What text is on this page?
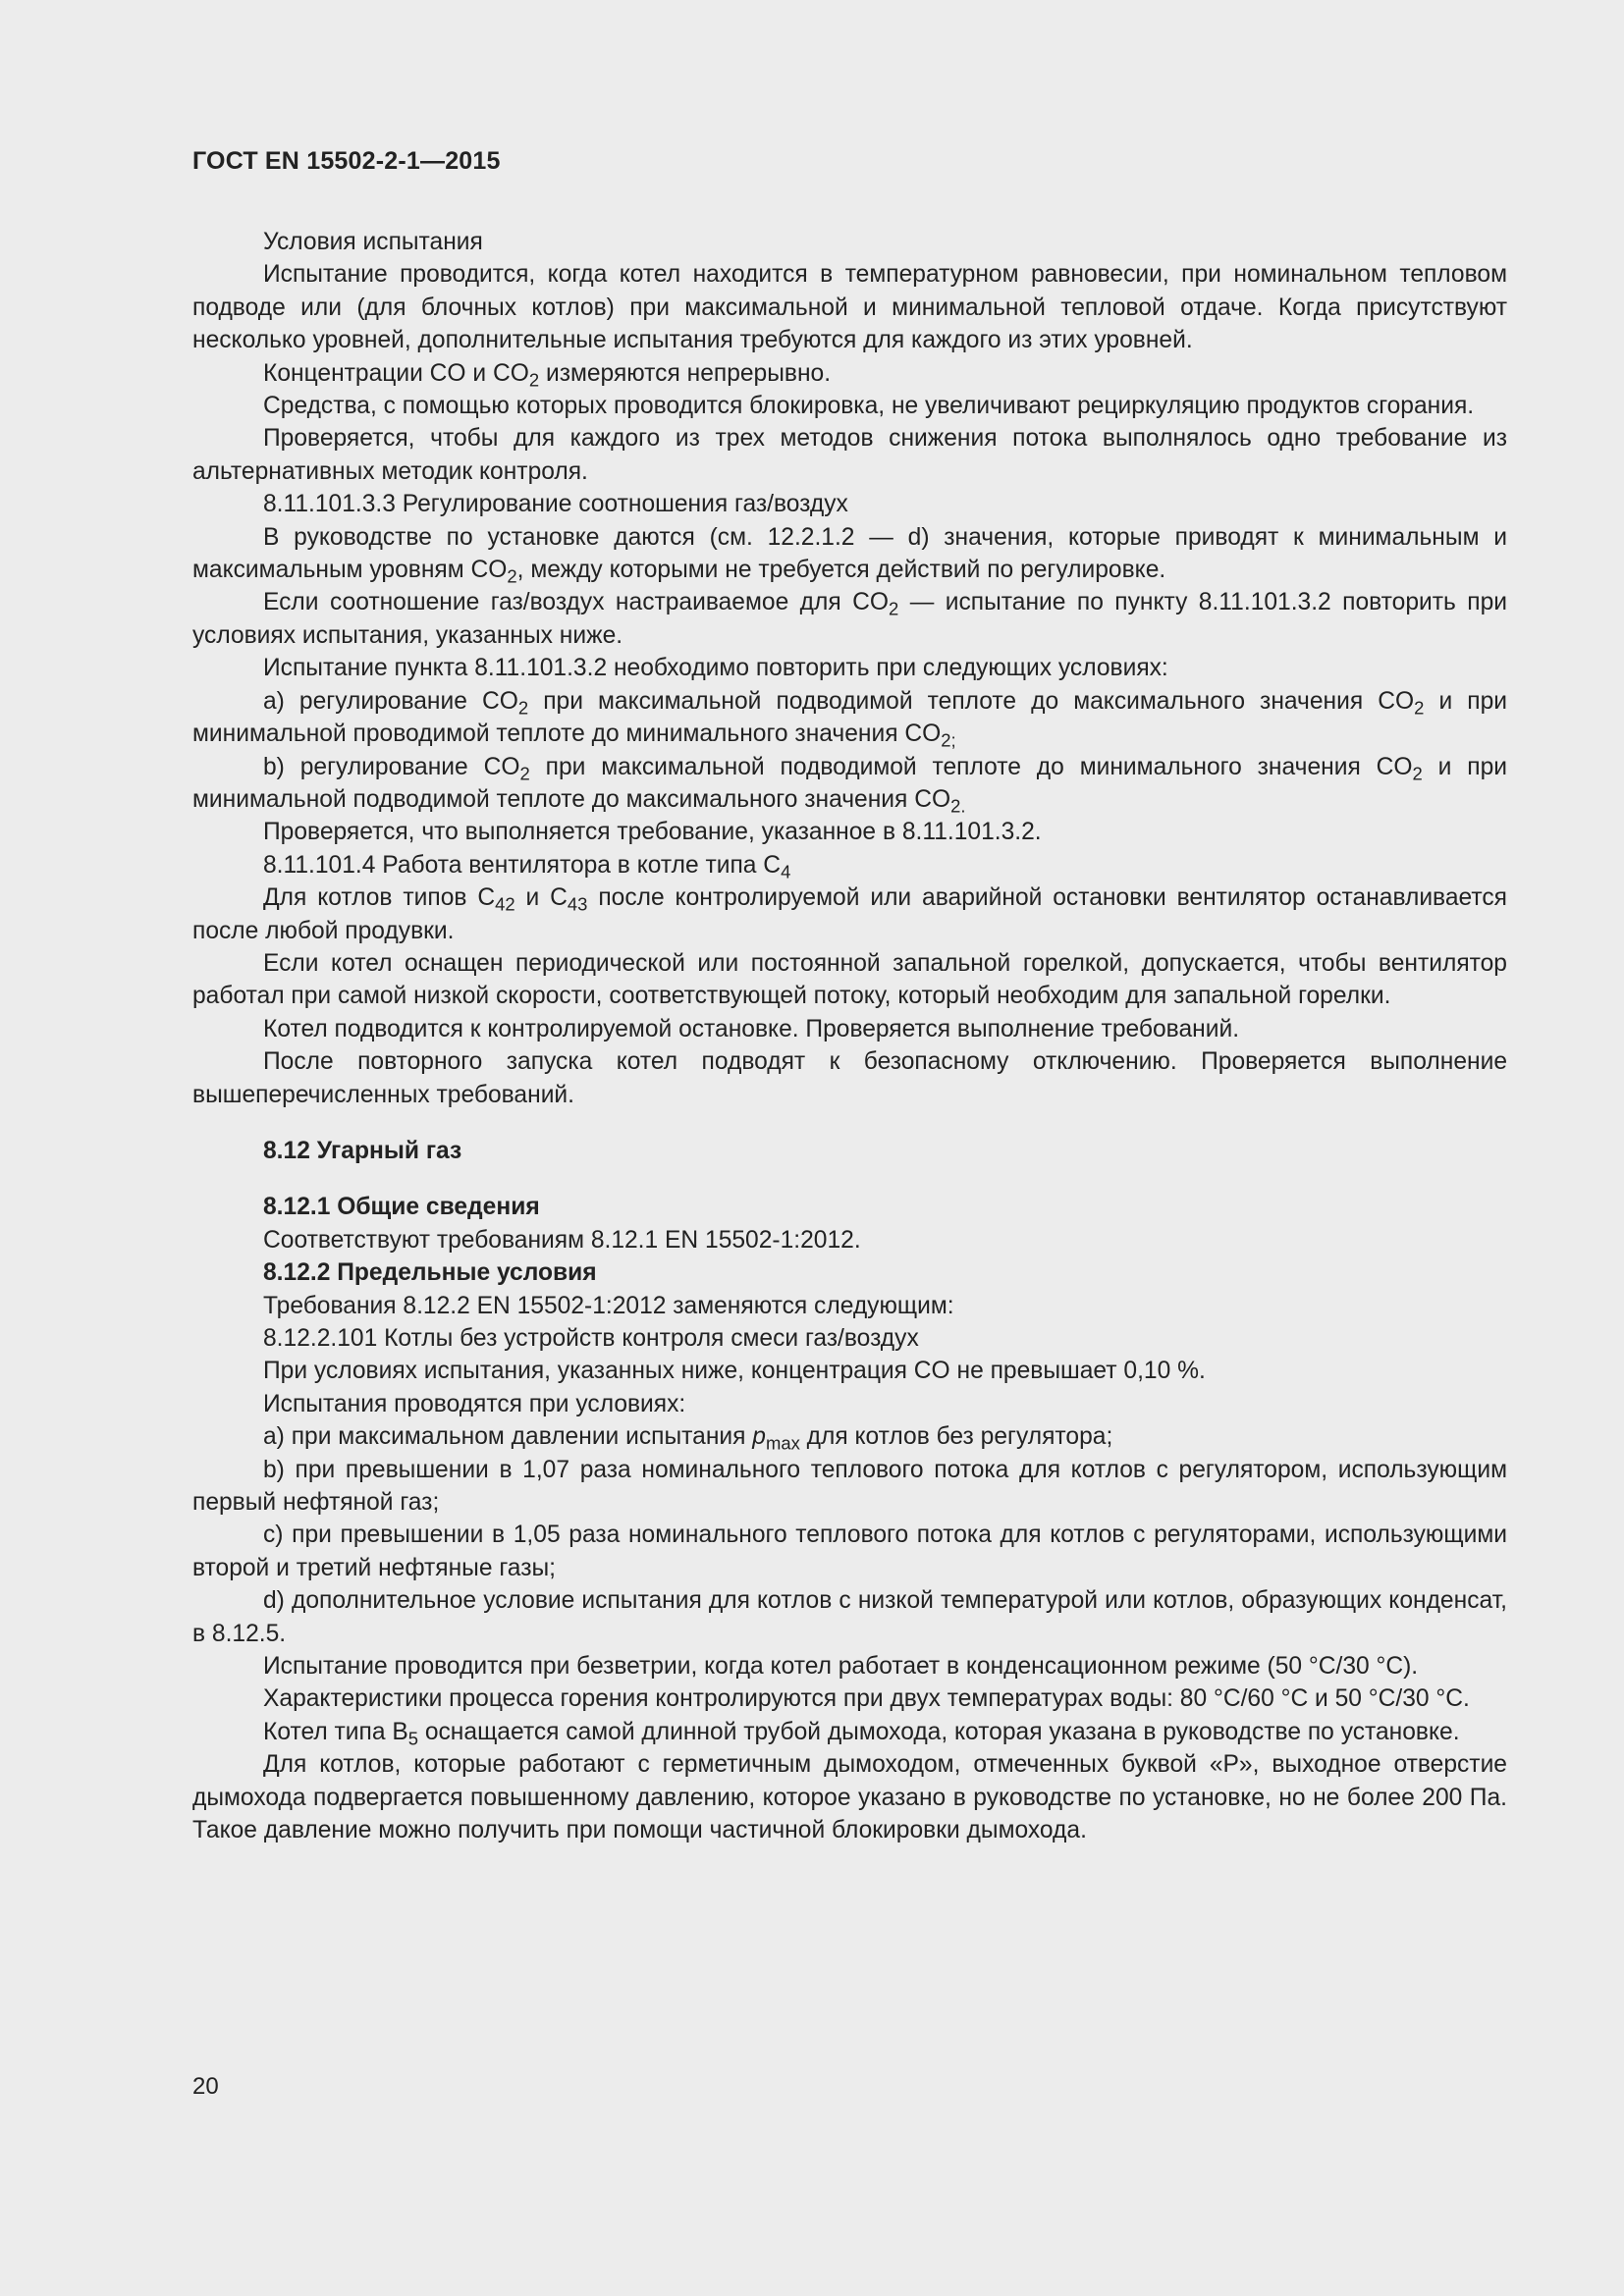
ГОСТ EN 15502-2-1—2015

Условия испытания

Испытание проводится, когда котел находится в температурном равновесии, при номинальном тепловом подводе или (для блочных котлов) при максимальной и минимальной тепловой отдаче. Когда присутствуют несколько уровней, дополнительные испытания требуются для каждого из этих уровней.

Концентрации CO и $CO_2$ измеряются непрерывно.

Средства, с помощью которых проводится блокировка, не увеличивают рециркуляцию продуктов сгорания.

Проверяется, чтобы для каждого из трех методов снижения потока выполнялось одно требование из альтернативных методик контроля.

8.11.101.3.3 Регулирование соотношения газ/воздух

В руководстве по установке даются (см. 12.2.1.2 — d) значения, которые приводят к минимальным и максимальным уровням $CO_2$, между которыми не требуется действий по регулировке.

Если соотношение газ/воздух настраиваемое для $CO_2$ — испытание по пункту 8.11.101.3.2 повторить при условиях испытания, указанных ниже.

Испытание пункта 8.11.101.3.2 необходимо повторить при следующих условиях:

a) регулирование $CO_2$ при максимальной подводимой теплоте до максимального значения $CO_2$ и при минимальной проводимой теплоте до минимального значения $CO_{2;}$

b) регулирование $CO_2$ при максимальной подводимой теплоте до минимального значения $CO_2$ и при минимальной подводимой теплоте до максимального значения $CO_{2.}$

Проверяется, что выполняется требование, указанное в 8.11.101.3.2.

8.11.101.4 Работа вентилятора в котле типа $C_4$

Для котлов типов $C_{42}$ и $C_{43}$ после контролируемой или аварийной остановки вентилятор останавливается после любой продувки.

Если котел оснащен периодической или постоянной запальной горелкой, допускается, чтобы вентилятор работал при самой низкой скорости, соответствующей потоку, который необходим для запальной горелки.

Котел подводится к контролируемой остановке. Проверяется выполнение требований.

После повторного запуска котел подводят к безопасному отключению. Проверяется выполнение вышеперечисленных требований.

8.12 Угарный газ

8.12.1 Общие сведения

Соответствуют требованиям 8.12.1 EN 15502-1:2012.

8.12.2 Предельные условия

Требования 8.12.2 EN 15502-1:2012 заменяются следующим:

8.12.2.101 Котлы без устройств контроля смеси газ/воздух

При условиях испытания, указанных ниже, концентрация CO не превышает 0,10 %.

Испытания проводятся при условиях:

a) при максимальном давлении испытания $p_{max}$ для котлов без регулятора;

b) при превышении в 1,07 раза номинального теплового потока для котлов с регулятором, использующим первый нефтяной газ;

c) при превышении в 1,05 раза номинального теплового потока для котлов с регуляторами, использующими второй и третий нефтяные газы;

d) дополнительное условие испытания для котлов с низкой температурой или котлов, образующих конденсат, в 8.12.5.

Испытание проводится при безветрии, когда котел работает в конденсационном режиме (50 °C/30 °C).

Характеристики процесса горения контролируются при двух температурах воды: 80 °C/60 °C и 50 °C/30 °C.

Котел типа $B_5$ оснащается самой длинной трубой дымохода, которая указана в руководстве по установке.

Для котлов, которые работают с герметичным дымоходом, отмеченных буквой «P», выходное отверстие дымохода подвергается повышенному давлению, которое указано в руководстве по установке, но не более 200 Па. Такое давление можно получить при помощи частичной блокировки дымохода.

20
